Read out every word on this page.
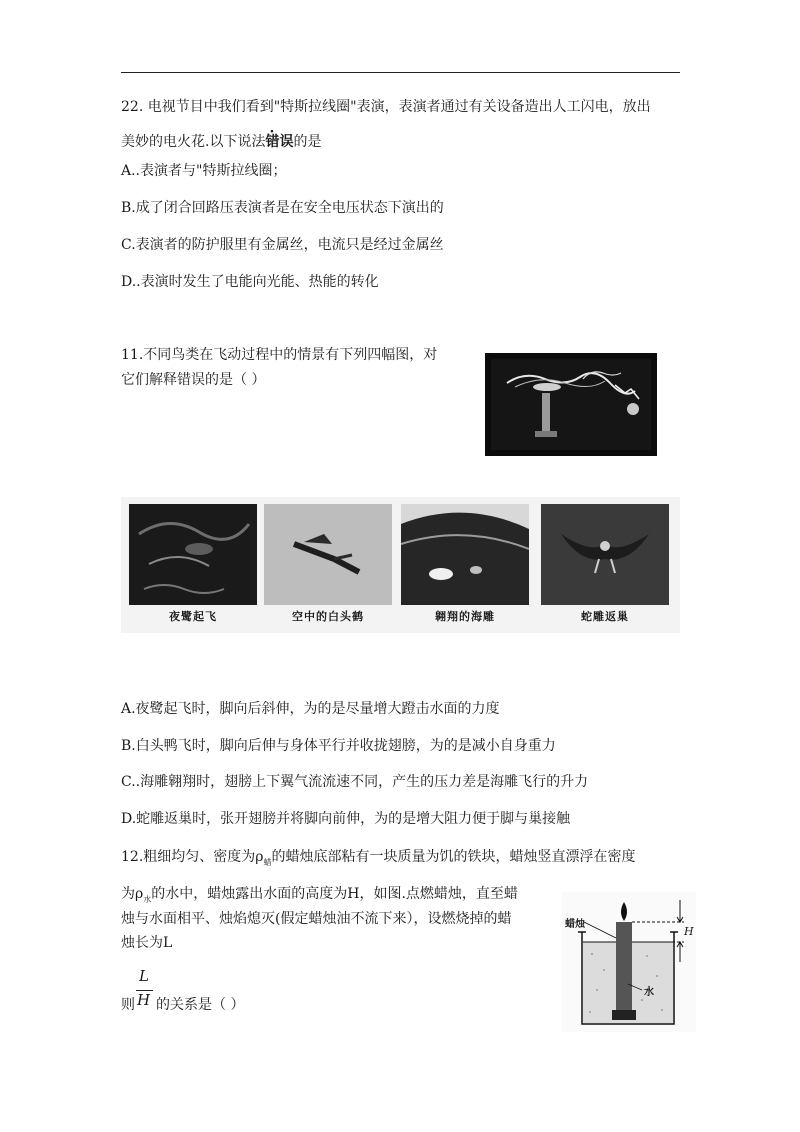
22. 电视节目中我们看到"特斯拉线圈"表演，表演者通过有关设备造出人工闪电，放出
美妙的电火花.以下说法错误的是
A..表演者与"特斯拉线圈；
B.成了闭合回路压表演者是在安全电压状态下演出的
C.表演者的防护服里有金属丝，电流只是经过金属丝
D..表演时发生了电能向光能、热能的转化
11.不同鸟类在飞动过程中的情景有下列四幅图，对
它们解释错误的是（ ）
夜鹭起飞	空中的白头鹤	翱翔的海雕	蛇雕返巢
A.夜鹭起飞时，脚向后斜伸，为的是尽量增大蹬击水面的力度
B.白头鸭飞时，脚向后伸与身体平行并收拢翅膀，为的是减小自身重力
C..海雕翱翔时，翅膀上下翼气流流速不同，产生的压力差是海雕飞行的升力
D.蛇雕返巢时，张开翅膀并将脚向前伸，为的是增大阻力便于脚与巢接触
12.粗细均匀、密度为$\rho_蜡$的蜡烛底部粘有一块质量为饥的铁块，蜡烛竖直漂浮在密度
为$\rho_水$的水中，蜡烛露出水面的高度为H，如图.点燃蜡烛，直至蜡
烛与水面相平、烛焰熄灭(假定蜡烛油不流下来），设燃烧掉的蜡
烛长为L
L
H
则 的关系是（ ）
蜡烛
水
H
